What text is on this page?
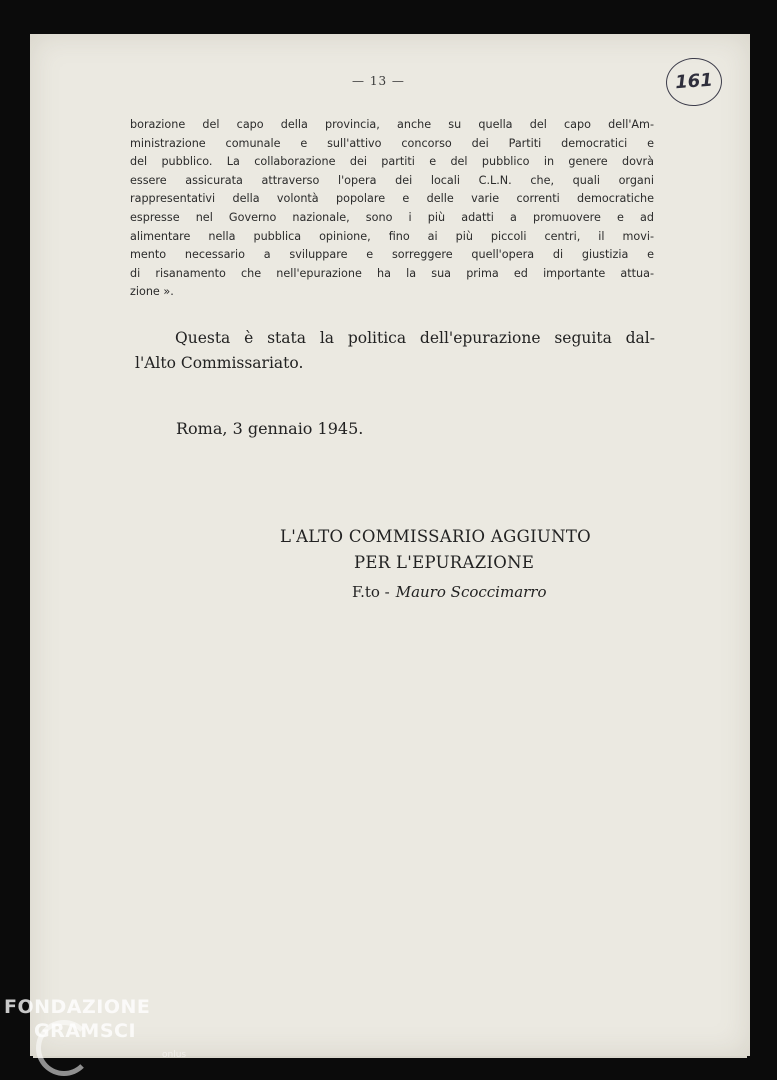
— 13 —	161
borazione del capo della provincia, anche su quella del capo dell'Am-
ministrazione comunale e sull'attivo concorso dei Partiti democratici e
del pubblico. La collaborazione dei partiti e del pubblico in genere dovrà
essere assicurata attraverso l'opera dei locali C.L.N. che, quali organi
rappresentativi della volontà popolare e delle varie correnti democratiche
espresse nel Governo nazionale, sono i più adatti a promuovere e ad
alimentare nella pubblica opinione, fino ai più piccoli centri, il movi-
mento necessario a sviluppare e sorreggere quell'opera di giustizia e
di risanamento che nell'epurazione ha la sua prima ed importante attua-
zione ».
Questa è stata la politica dell'epurazione seguita dal-
l'Alto Commissariato.
Roma, 3 gennaio 1945.
L'ALTO COMMISSARIO AGGIUNTO
PER L'EPURAZIONE
F.to - Mauro Scoccimarro
FONDAZIONE
GRAMSCI
onlus
